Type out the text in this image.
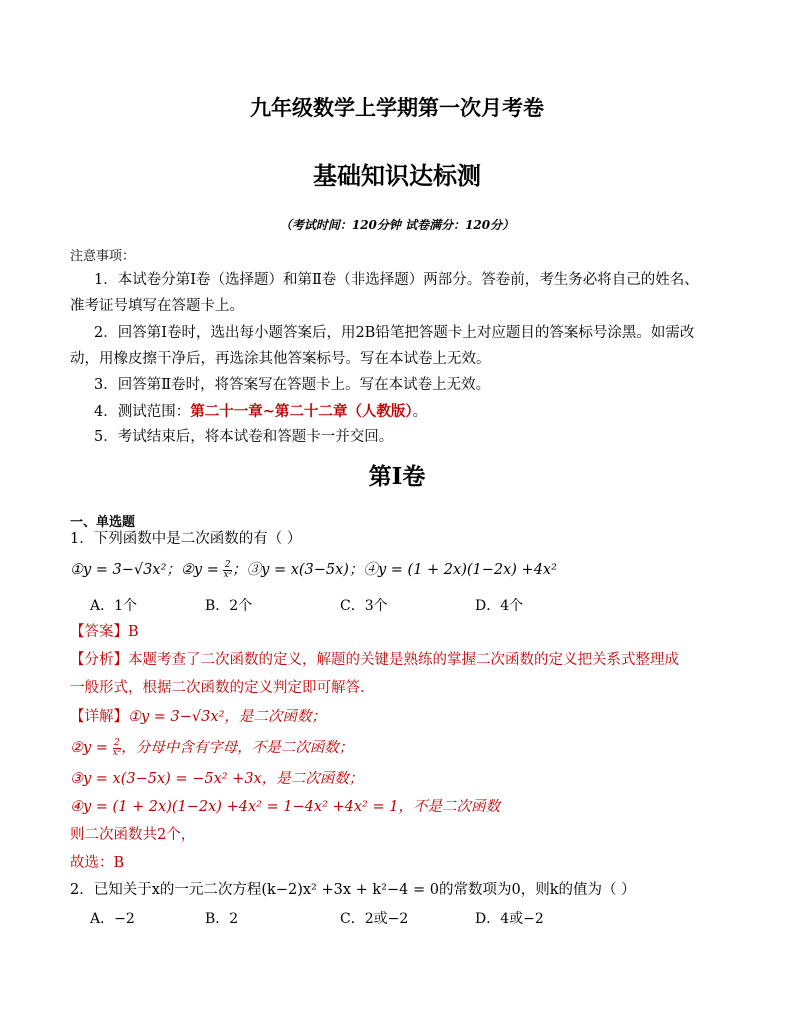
九年级数学上学期第一次月考卷
基础知识达标测
（考试时间：120分钟 试卷满分：120分）
注意事项：
1．本试卷分第Ⅰ卷（选择题）和第Ⅱ卷（非选择题）两部分。答卷前，考生务必将自己的姓名、
准考证号填写在答题卡上。
2．回答第Ⅰ卷时，选出每小题答案后，用2B铅笔把答题卡上对应题目的答案标号涂黑。如需改
动，用橡皮擦干净后，再选涂其他答案标号。写在本试卷上无效。
3．回答第Ⅱ卷时，将答案写在答题卡上。写在本试卷上无效。
4．测试范围：第二十一章~第二十二章（人教版）。
5．考试结束后，将本试卷和答题卡一并交回。
第Ⅰ卷
一、单选题
1．下列函数中是二次函数的有（ ）
①y = 3−√3x²；②y = $\frac{2}{\text{x²}}$ ；③y = x(3−5x)；④y = (1 + 2x)(1−2x) +4x²
A．1个	B．2个	C．3个	D．4个
【答案】B
【分析】本题考查了二次函数的定义，解题的关键是熟练的掌握二次函数的定义把关系式整理成
一般形式，根据二次函数的定义判定即可解答．
【详解】①y = 3−√3x²，是二次函数；
②y = $\frac{2}{\text{x²}}$ ，分母中含有字母，不是二次函数；
③y = x(3−5x) = −5x² +3x，是二次函数；
④y = (1 + 2x)(1−2x) +4x² = 1−4x² +4x² = 1，不是二次函数
则二次函数共2个，
故选：B
2．已知关于x的一元二次方程(k−2)x² +3x + k²−4 = 0的常数项为0，则k的值为（ ）
A．−2	B．2	C．2或−2	D．4或−2
